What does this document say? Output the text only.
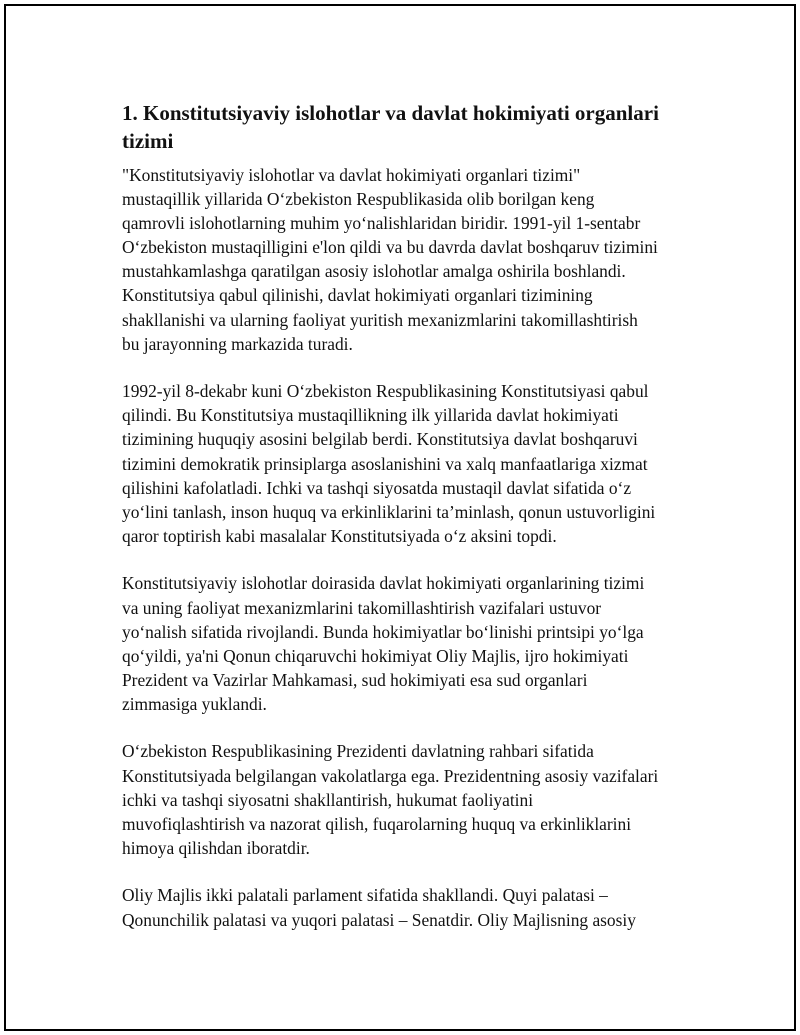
1. Konstitutsiyaviy islohotlar va davlat hokimiyati organlari
tizimi

"Konstitutsiyaviy islohotlar va davlat hokimiyati organlari tizimi"
mustaqillik yillarida O‘zbekiston Respublikasida olib borilgan keng
qamrovli islohotlarning muhim yo‘nalishlaridan biridir. 1991-yil 1-sentabr
O‘zbekiston mustaqilligini e'lon qildi va bu davrda davlat boshqaruv tizimini
mustahkamlashga qaratilgan asosiy islohotlar amalga oshirila boshlandi.
Konstitutsiya qabul qilinishi, davlat hokimiyati organlari tizimining
shakllanishi va ularning faoliyat yuritish mexanizmlarini takomillashtirish
bu jarayonning markazida turadi.

1992-yil 8-dekabr kuni O‘zbekiston Respublikasining Konstitutsiyasi qabul
qilindi. Bu Konstitutsiya mustaqillikning ilk yillarida davlat hokimiyati
tizimining huquqiy asosini belgilab berdi. Konstitutsiya davlat boshqaruvi
tizimini demokratik prinsiplarga asoslanishini va xalq manfaatlariga xizmat
qilishini kafolatladi. Ichki va tashqi siyosatda mustaqil davlat sifatida o‘z
yo‘lini tanlash, inson huquq va erkinliklarini ta’minlash, qonun ustuvorligini
qaror toptirish kabi masalalar Konstitutsiyada o‘z aksini topdi.

Konstitutsiyaviy islohotlar doirasida davlat hokimiyati organlarining tizimi
va uning faoliyat mexanizmlarini takomillashtirish vazifalari ustuvor
yo‘nalish sifatida rivojlandi. Bunda hokimiyatlar bo‘linishi printsipi yo‘lga
qo‘yildi, ya'ni Qonun chiqaruvchi hokimiyat Oliy Majlis, ijro hokimiyati
Prezident va Vazirlar Mahkamasi, sud hokimiyati esa sud organlari
zimmasiga yuklandi.

O‘zbekiston Respublikasining Prezidenti davlatning rahbari sifatida
Konstitutsiyada belgilangan vakolatlarga ega. Prezidentning asosiy vazifalari
ichki va tashqi siyosatni shakllantirish, hukumat faoliyatini
muvofiqlashtirish va nazorat qilish, fuqarolarning huquq va erkinliklarini
himoya qilishdan iboratdir.

Oliy Majlis ikki palatali parlament sifatida shakllandi. Quyi palatasi –
Qonunchilik palatasi va yuqori palatasi – Senatdir. Oliy Majlisning asosiy
